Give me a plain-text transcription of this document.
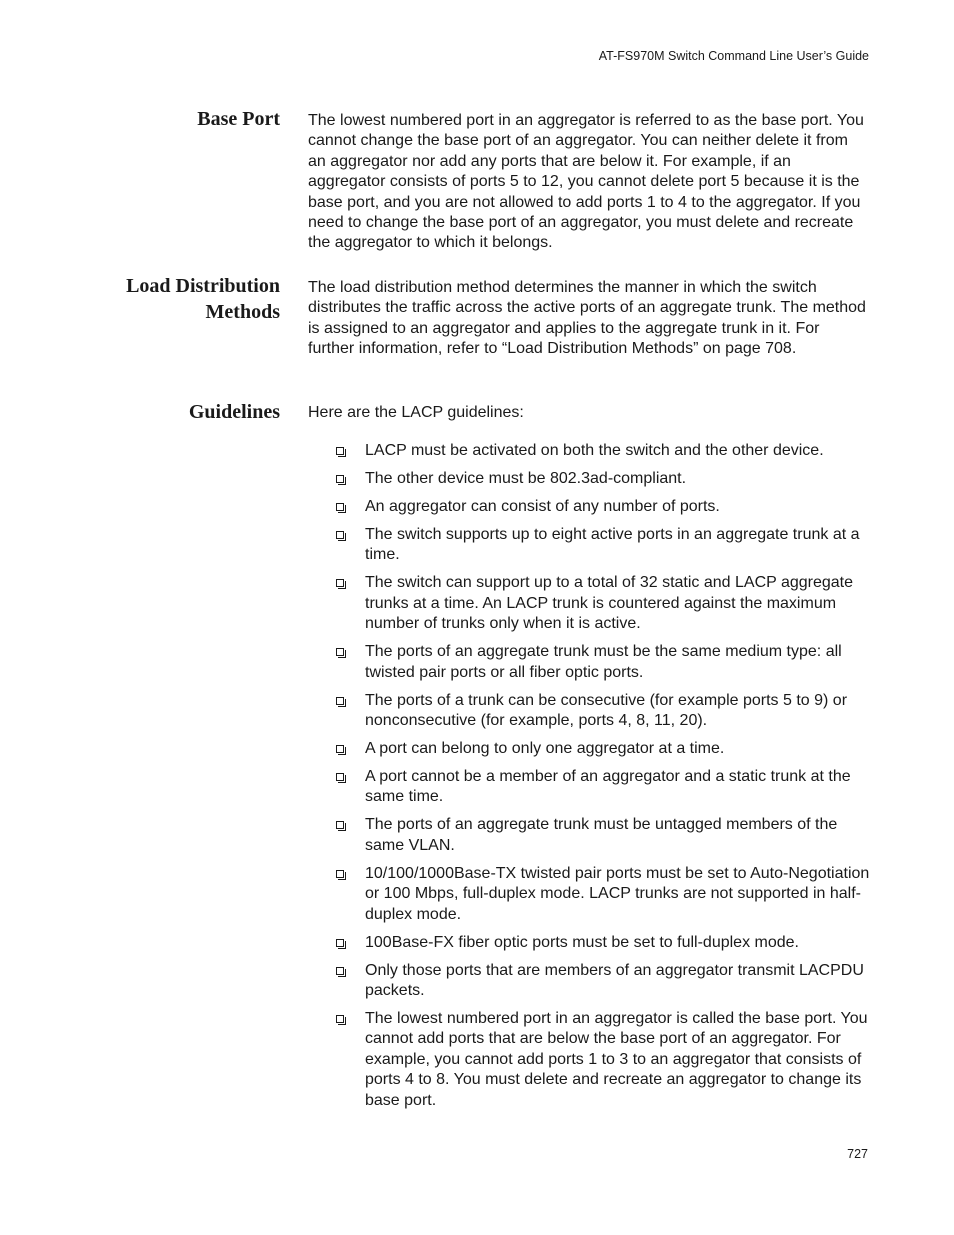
AT-FS970M Switch Command Line User’s Guide
Base Port The lowest numbered port in an aggregator is referred to as the base port. You cannot change the base port of an aggregator. You can neither delete it from an aggregator nor add any ports that are below it. For example, if an aggregator consists of ports 5 to 12, you cannot delete port 5 because it is the base port, and you are not allowed to add ports 1 to 4 to the aggregator. If you need to change the base port of an aggregator, you must delete and recreate the aggregator to which it belongs.

Load Distribution
Methods

The load distribution method determines the manner in which the switch distributes the traffic across the active ports of an aggregate trunk. The method is assigned to an aggregator and applies to the aggregate trunk in it. For further information, refer to “Load Distribution Methods” on page 708.

Guidelines Here are the LACP guidelines:

LACP must be activated on both the switch and the other device.
The other device must be 802.3ad-compliant.
An aggregator can consist of any number of ports.
The switch supports up to eight active ports in an aggregate trunk at a time.
The switch can support up to a total of 32 static and LACP aggregate trunks at a time. An LACP trunk is countered against the maximum number of trunks only when it is active.
The ports of an aggregate trunk must be the same medium type: all twisted pair ports or all fiber optic ports.
The ports of a trunk can be consecutive (for example ports 5 to 9) or nonconsecutive (for example, ports 4, 8, 11, 20).
A port can belong to only one aggregator at a time.
A port cannot be a member of an aggregator and a static trunk at the same time.
The ports of an aggregate trunk must be untagged members of the same VLAN.
10/100/1000Base-TX twisted pair ports must be set to Auto-Negotiation or 100 Mbps, full-duplex mode. LACP trunks are not supported in half-duplex mode.
100Base-FX fiber optic ports must be set to full-duplex mode.
Only those ports that are members of an aggregator transmit LACPDU packets.
The lowest numbered port in an aggregator is called the base port. You cannot add ports that are below the base port of an aggregator. For example, you cannot add ports 1 to 3 to an aggregator that consists of ports 4 to 8. You must delete and recreate an aggregator to change its base port.
727
